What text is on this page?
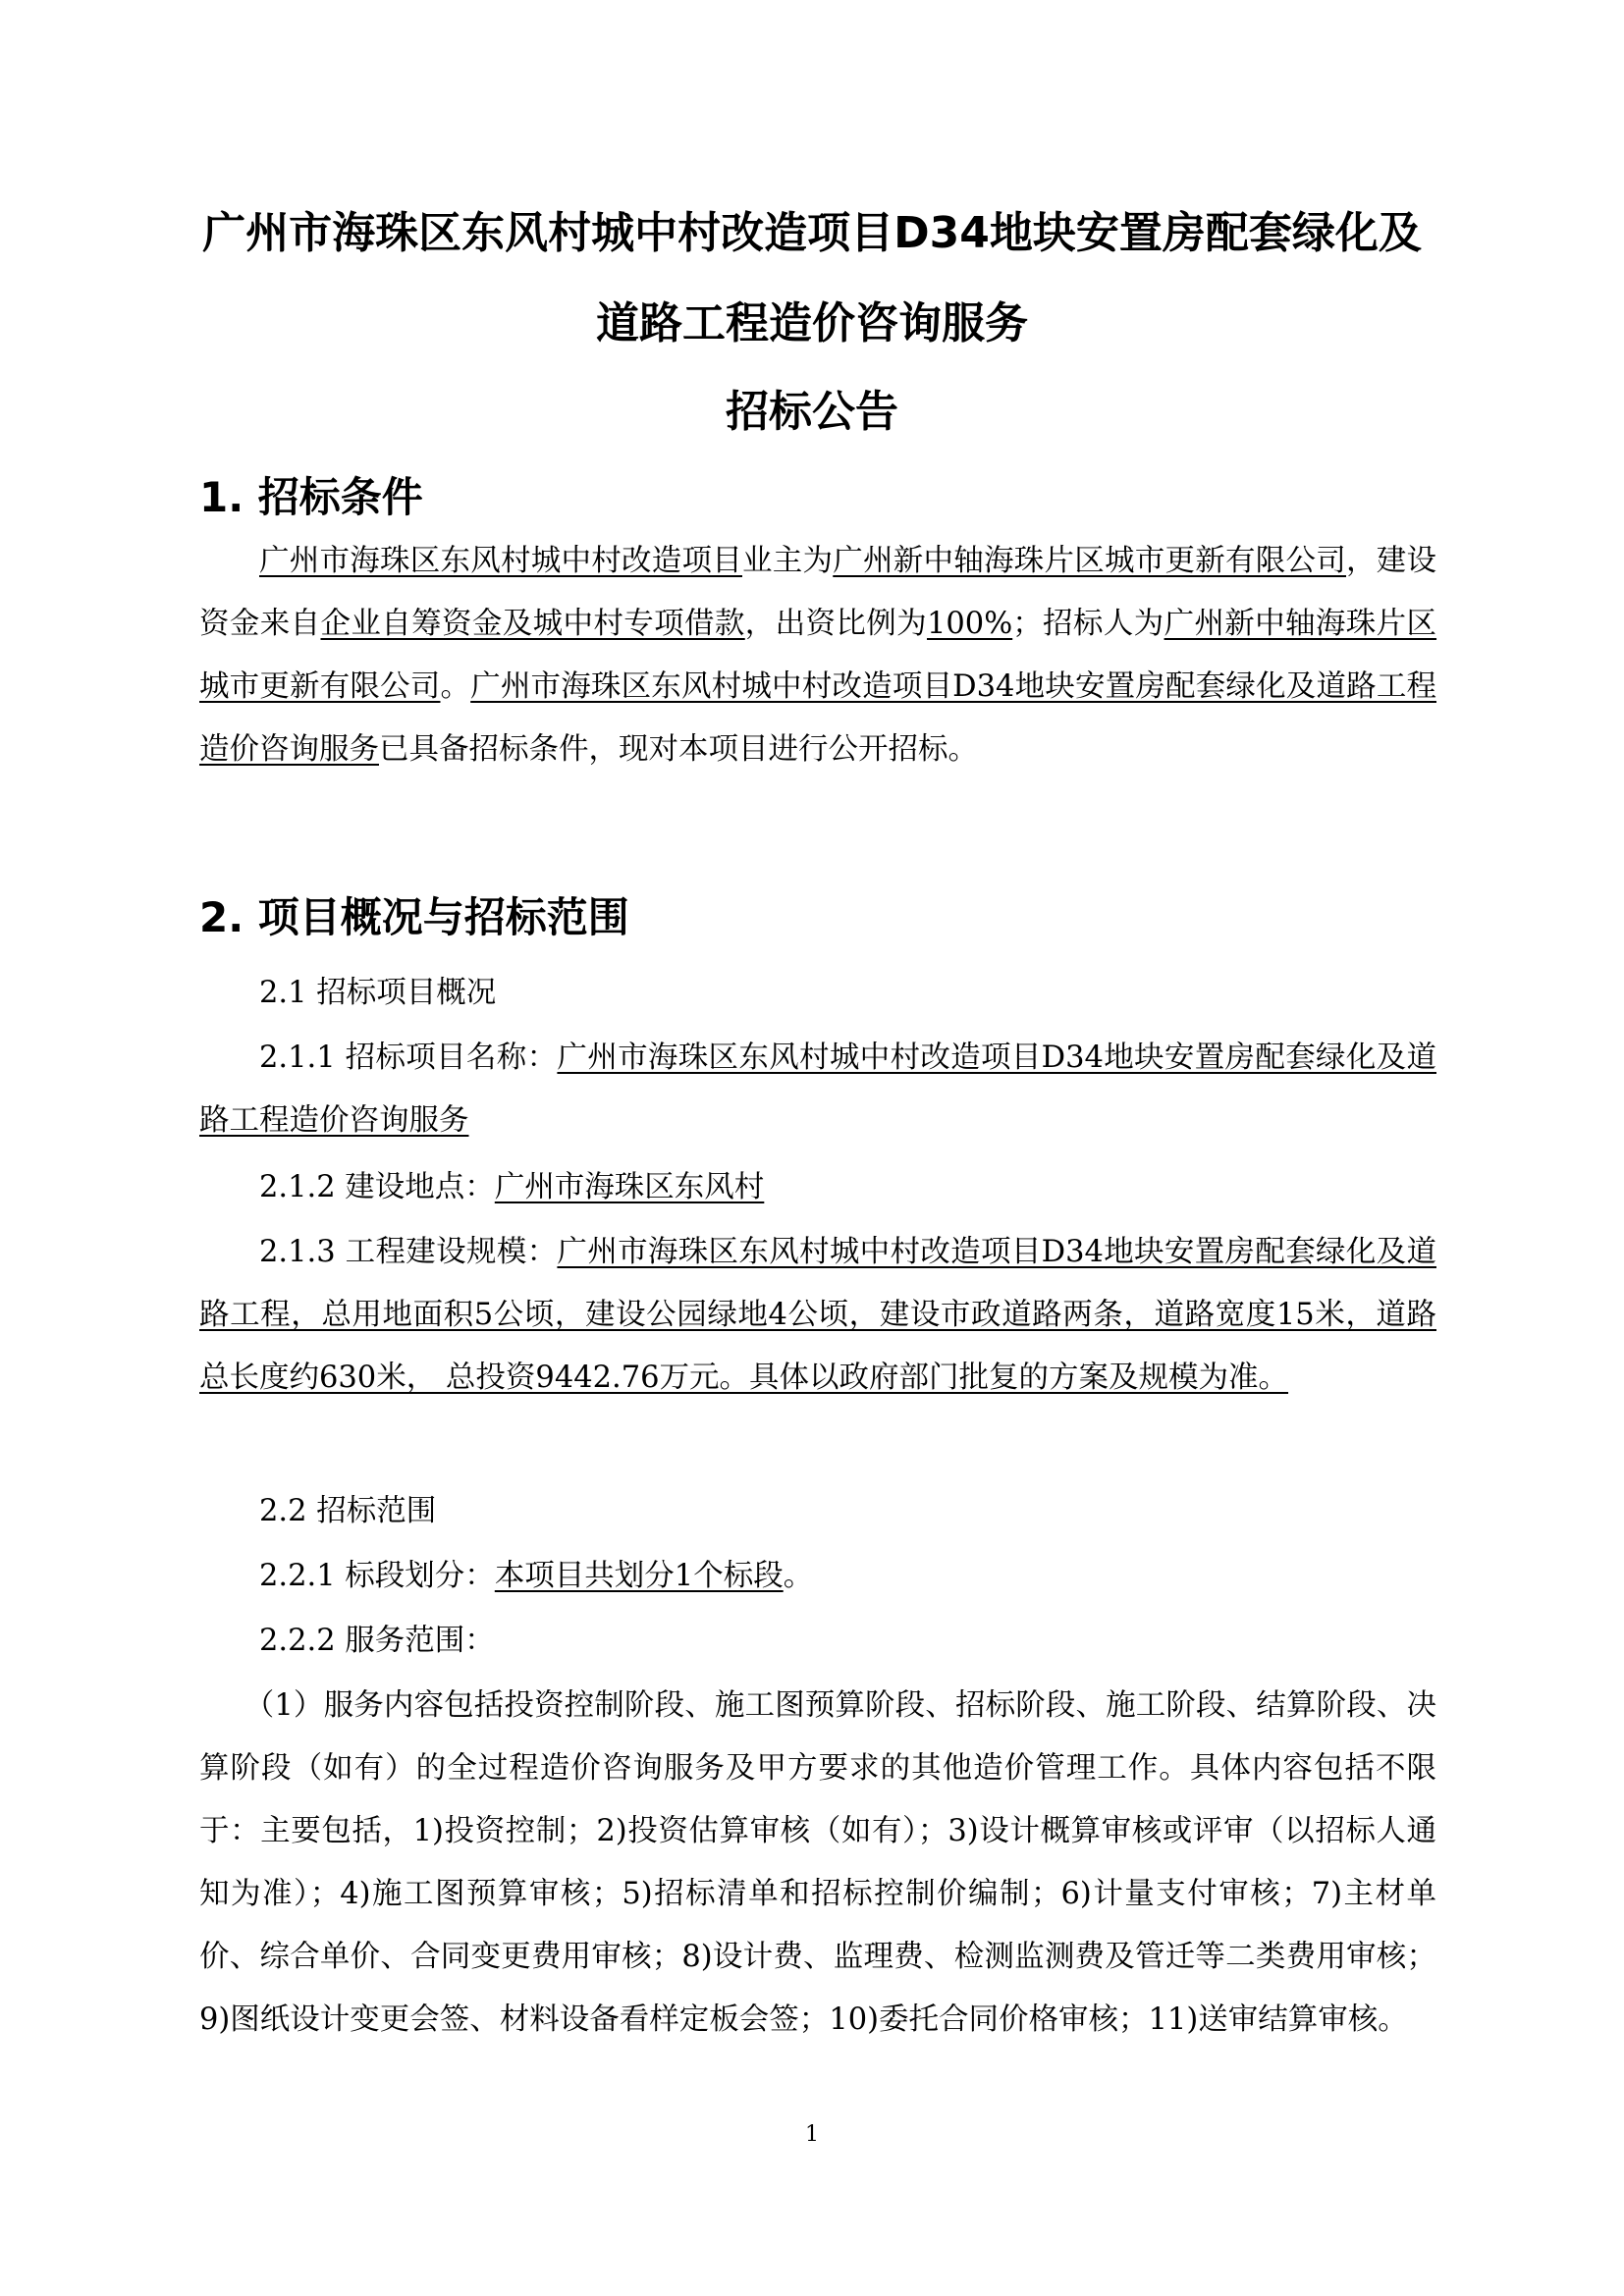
广州市海珠区东风村城中村改造项目D34地块安置房配套绿化及
道路工程造价咨询服务
招标公告
1. 招标条件
广州市海珠区东风村城中村改造项目业主为广州新中轴海珠片区城市更新有限公司，建设资金来自企业自筹资金及城中村专项借款，出资比例为100%；招标人为广州新中轴海珠片区城市更新有限公司。广州市海珠区东风村城中村改造项目D34地块安置房配套绿化及道路工程造价咨询服务已具备招标条件，现对本项目进行公开招标。
2. 项目概况与招标范围
2.1 招标项目概况
2.1.1 招标项目名称：广州市海珠区东风村城中村改造项目D34地块安置房配套绿化及道路工程造价咨询服务
2.1.2 建设地点：广州市海珠区东风村
2.1.3 工程建设规模：广州市海珠区东风村城中村改造项目D34地块安置房配套绿化及道路工程，总用地面积5公顷，建设公园绿地4公顷，建设市政道路两条，道路宽度15米，道路总长度约630米， 总投资9442.76万元。具体以政府部门批复的方案及规模为准。
2.2 招标范围
2.2.1 标段划分：本项目共划分1个标段。
2.2.2 服务范围：
（1）服务内容包括投资控制阶段、施工图预算阶段、招标阶段、施工阶段、结算阶段、决算阶段（如有）的全过程造价咨询服务及甲方要求的其他造价管理工作。具体内容包括不限于：主要包括，1)投资控制；2)投资估算审核（如有）；3)设计概算审核或评审（以招标人通知为准）；4)施工图预算审核；5)招标清单和招标控制价编制；6)计量支付审核；7)主材单价、综合单价、合同变更费用审核；8)设计费、监理费、检测监测费及管迁等二类费用审核；9)图纸设计变更会签、材料设备看样定板会签；10)委托合同价格审核；11)送审结算审核。
1
